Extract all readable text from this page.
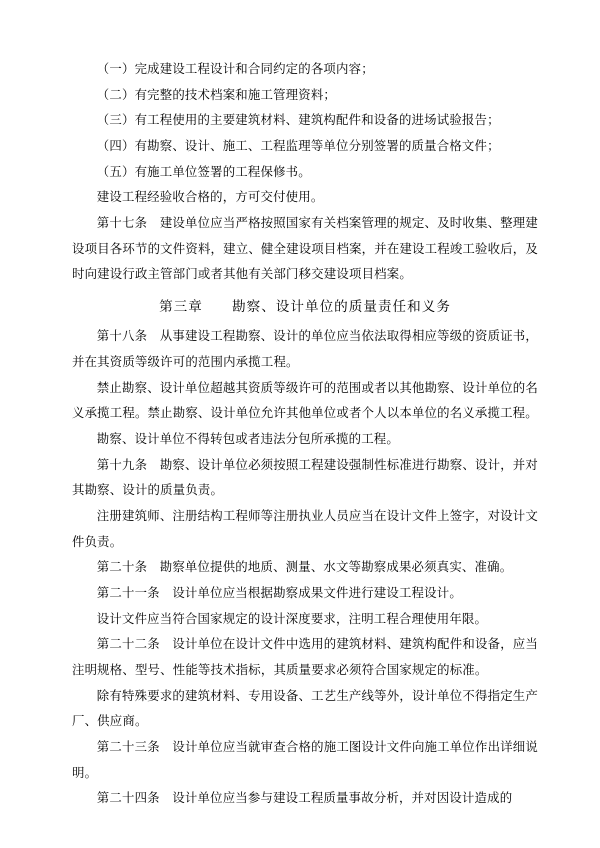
（一）完成建设工程设计和合同约定的各项内容；

（二）有完整的技术档案和施工管理资料；

（三）有工程使用的主要建筑材料、建筑构配件和设备的进场试验报告；

（四）有勘察、设计、施工、工程监理等单位分别签署的质量合格文件；

（五）有施工单位签署的工程保修书。

建设工程经验收合格的，方可交付使用。

第十七条　建设单位应当严格按照国家有关档案管理的规定、及时收集、整理建设项目各环节的文件资料，建立、健全建设项目档案，并在建设工程竣工验收后，及时向建设行政主管部门或者其他有关部门移交建设项目档案。

第三章　　勘察、设计单位的质量责任和义务

第十八条　从事建设工程勘察、设计的单位应当依法取得相应等级的资质证书，并在其资质等级许可的范围内承揽工程。

禁止勘察、设计单位超越其资质等级许可的范围或者以其他勘察、设计单位的名义承揽工程。禁止勘察、设计单位允许其他单位或者个人以本单位的名义承揽工程。

勘察、设计单位不得转包或者违法分包所承揽的工程。

第十九条　勘察、设计单位必须按照工程建设强制性标准进行勘察、设计，并对其勘察、设计的质量负责。

注册建筑师、注册结构工程师等注册执业人员应当在设计文件上签字，对设计文件负责。

第二十条　勘察单位提供的地质、测量、水文等勘察成果必须真实、准确。

第二十一条　设计单位应当根据勘察成果文件进行建设工程设计。

设计文件应当符合国家规定的设计深度要求，注明工程合理使用年限。

第二十二条　设计单位在设计文件中选用的建筑材料、建筑构配件和设备，应当注明规格、型号、性能等技术指标，其质量要求必须符合国家规定的标准。

除有特殊要求的建筑材料、专用设备、工艺生产线等外，设计单位不得指定生产厂、供应商。

第二十三条　设计单位应当就审查合格的施工图设计文件向施工单位作出详细说明。

第二十四条　设计单位应当参与建设工程质量事故分析，并对因设计造成的
